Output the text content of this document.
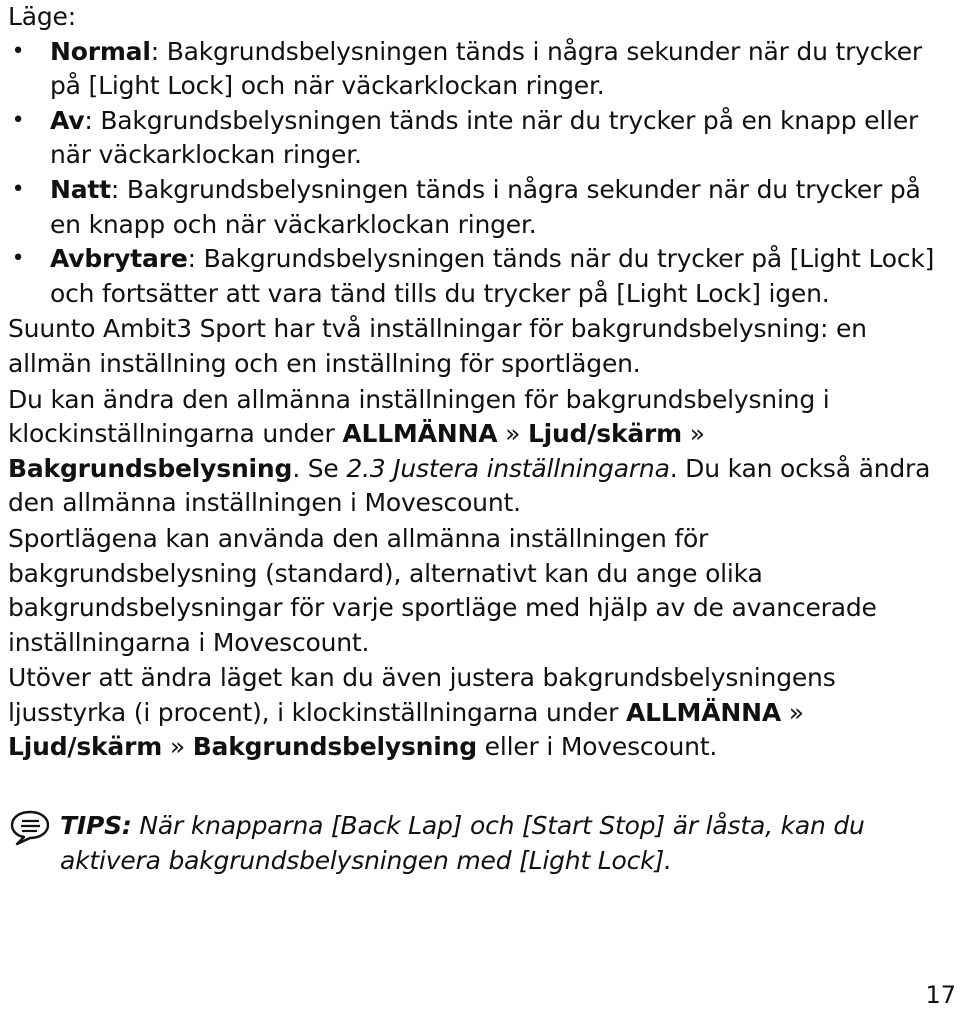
Läge:

• Normal: Bakgrundsbelysningen tänds i några sekunder när du trycker på [Light Lock] och när väckarklockan ringer.
• Av: Bakgrundsbelysningen tänds inte när du trycker på en knapp eller när väckarklockan ringer.
• Natt: Bakgrundsbelysningen tänds i några sekunder när du trycker på en knapp och när väckarklockan ringer.
• Avbrytare: Bakgrundsbelysningen tänds när du trycker på [Light Lock] och fortsätter att vara tänd tills du trycker på [Light Lock] igen.

Suunto Ambit3 Sport har två inställningar för bakgrundsbelysning: en allmän inställning och en inställning för sportlägen.

Du kan ändra den allmänna inställningen för bakgrundsbelysning i klockinställningarna under ALLMÄNNA » Ljud/skärm » Bakgrundsbelysning. Se 2.3 Justera inställningarna. Du kan också ändra den allmänna inställningen i Movescount.

Sportlägena kan använda den allmänna inställningen för bakgrundsbelysning (standard), alternativt kan du ange olika bakgrundsbelysningar för varje sportläge med hjälp av de avancerade inställningarna i Movescount.

Utöver att ändra läget kan du även justera bakgrundsbelysningens ljusstyrka (i procent), i klockinställningarna under ALLMÄNNA » Ljud/skärm » Bakgrundsbelysning eller i Movescount.

TIPS: När knapparna [Back Lap] och [Start Stop] är låsta, kan du aktivera bakgrundsbelysningen med [Light Lock].
17
